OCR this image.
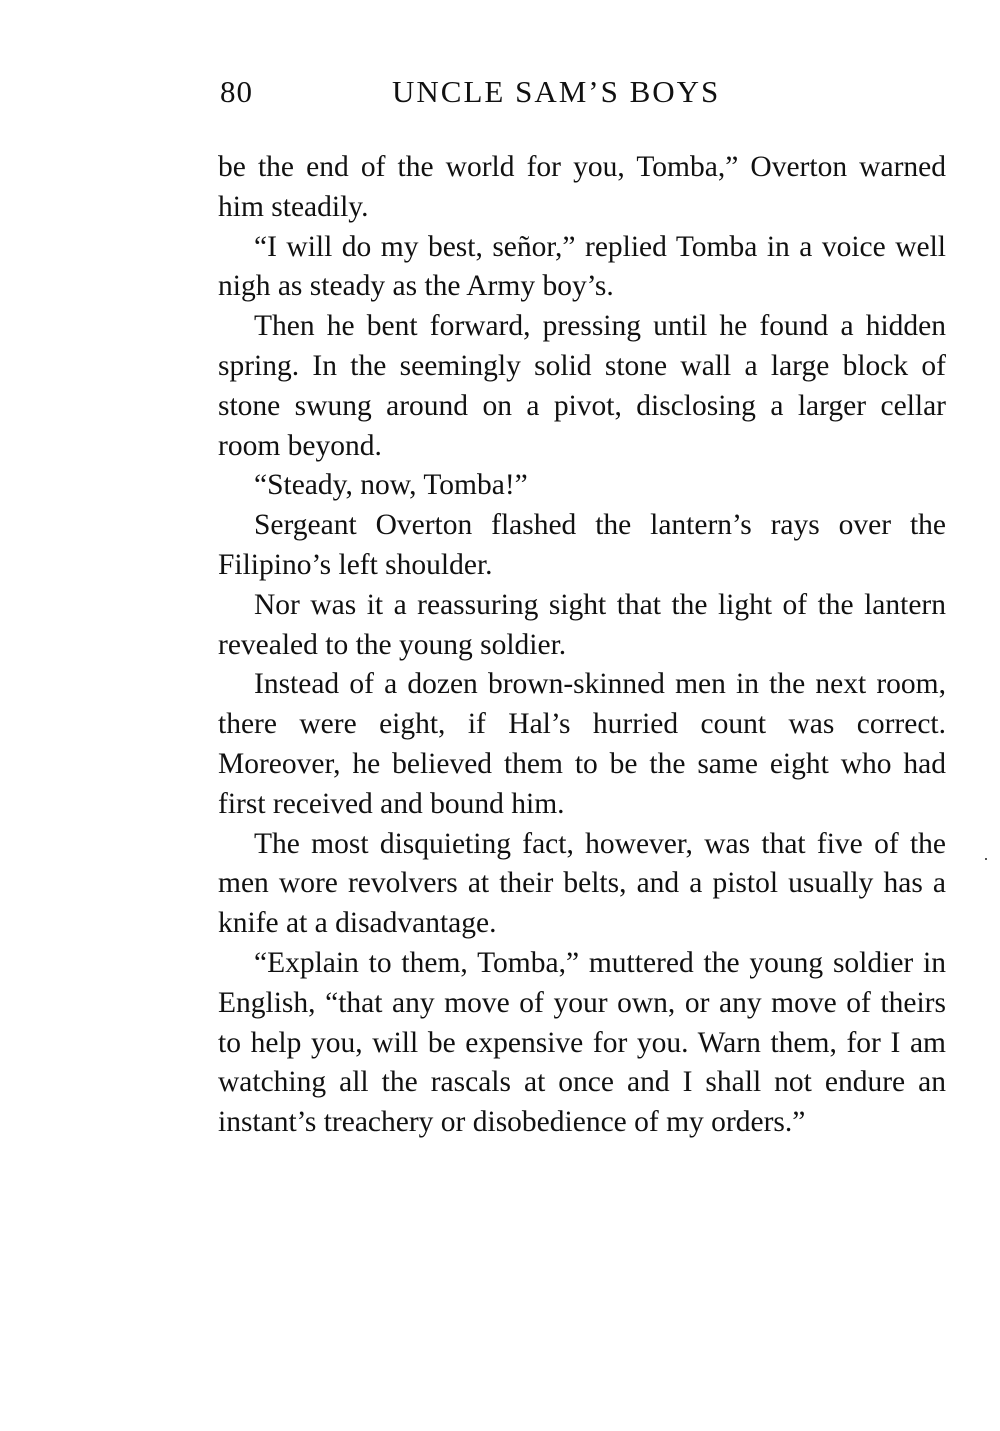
80	UNCLE SAM’S BOYS

be the end of the world for you, Tomba,” Overton warned him steadily.

“I will do my best, señor,” replied Tomba in a voice well nigh as steady as the Army boy’s.

Then he bent forward, pressing until he found a hidden spring. In the seemingly solid stone wall a large block of stone swung around on a pivot, disclosing a larger cellar room beyond.

“Steady, now, Tomba!”

Sergeant Overton flashed the lantern’s rays over the Filipino’s left shoulder.

Nor was it a reassuring sight that the light of the lantern revealed to the young soldier.

Instead of a dozen brown-skinned men in the next room, there were eight, if Hal’s hurried count was correct. Moreover, he believed them to be the same eight who had first received and bound him.

The most disquieting fact, however, was that five of the men wore revolvers at their belts, and a pistol usually has a knife at a disadvantage.

“Explain to them, Tomba,” muttered the young soldier in English, “that any move of your own, or any move of theirs to help you, will be expensive for you. Warn them, for I am watching all the rascals at once and I shall not endure an instant’s treachery or disobedience of my orders.”
